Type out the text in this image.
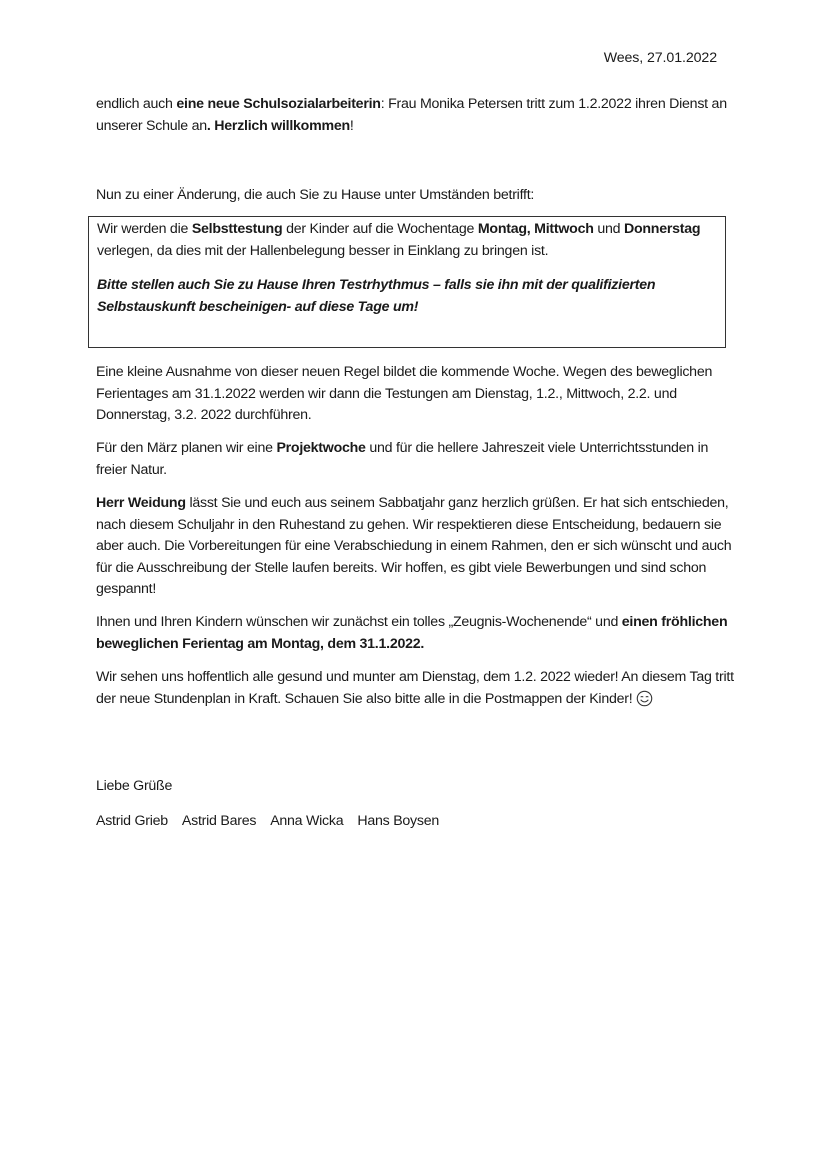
Wees, 27.01.2022
endlich auch eine neue Schulsozialarbeiterin: Frau Monika Petersen tritt zum 1.2.2022 ihren Dienst an unserer Schule an. Herzlich willkommen!
Nun zu einer Änderung, die auch Sie zu Hause unter Umständen betrifft:
Wir werden die Selbsttestung der Kinder auf die Wochentage Montag, Mittwoch und Donnerstag verlegen, da dies mit der Hallenbelegung besser in Einklang zu bringen ist.
Bitte stellen auch Sie zu Hause Ihren Testrhythmus – falls sie ihn mit der qualifizierten Selbstauskunft bescheinigen- auf diese Tage um!
Eine kleine Ausnahme von dieser neuen Regel bildet die kommende Woche. Wegen des beweglichen Ferientages am 31.1.2022 werden wir dann die Testungen am Dienstag, 1.2., Mittwoch, 2.2. und Donnerstag, 3.2. 2022 durchführen.
Für den März planen wir eine Projektwoche und für die hellere Jahreszeit viele Unterrichtsstunden in freier Natur.
Herr Weidung lässt Sie und euch aus seinem Sabbatjahr ganz herzlich grüßen. Er hat sich entschieden, nach diesem Schuljahr in den Ruhestand zu gehen. Wir respektieren diese Entscheidung, bedauern sie aber auch. Die Vorbereitungen für eine Verabschiedung in einem Rahmen, den er sich wünscht und auch für die Ausschreibung der Stelle laufen bereits. Wir hoffen, es gibt viele Bewerbungen und sind schon gespannt!
Ihnen und Ihren Kindern wünschen wir zunächst ein tolles „Zeugnis-Wochenende“ und einen fröhlichen beweglichen Ferientag am Montag, dem 31.1.2022.
Wir sehen uns hoffentlich alle gesund und munter am Dienstag, dem 1.2. 2022 wieder! An diesem Tag tritt der neue Stundenplan in Kraft. Schauen Sie also bitte alle in die Postmappen der Kinder!
Liebe Grüße
Astrid Grieb Astrid Bares Anna Wicka Hans Boysen
